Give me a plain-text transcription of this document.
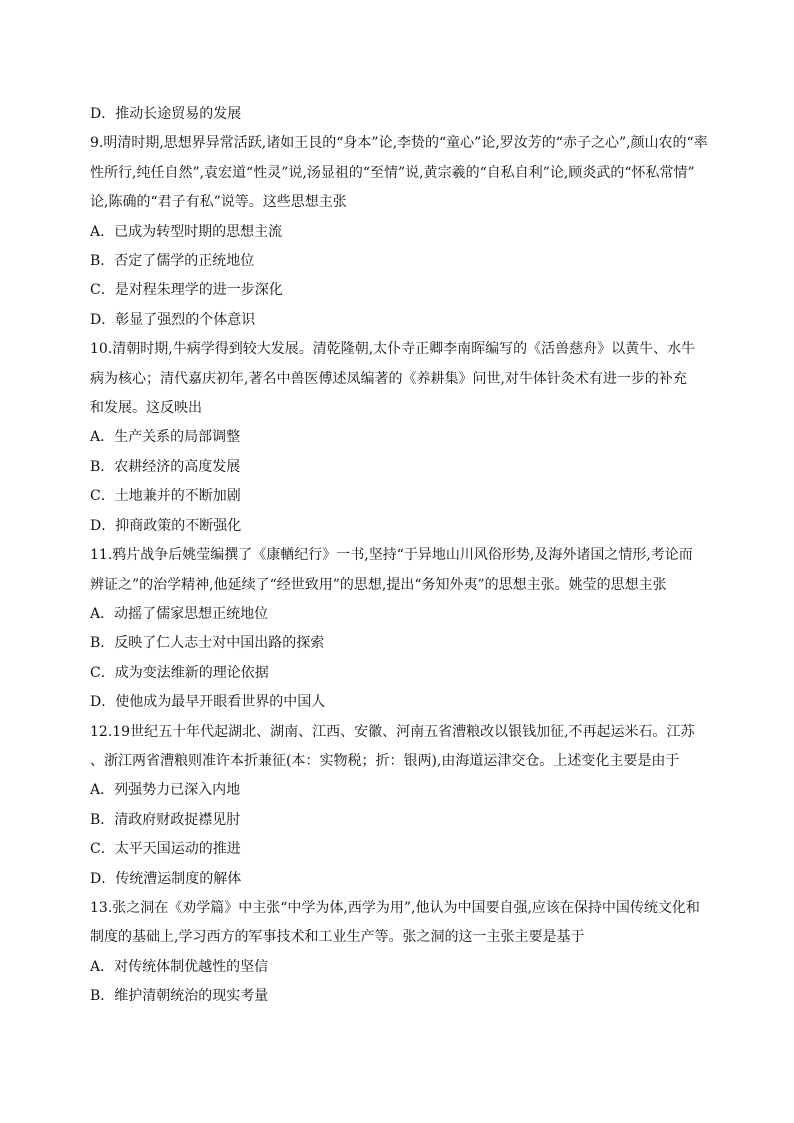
D．推动长途贸易的发展
9.明清时期,思想界异常活跃,诸如王艮的“身本”论,李贽的“童心”论,罗汝芳的“赤子之心”,颜山农的“率
性所行,纯任自然”,袁宏道“性灵”说,汤显祖的“至情”说,黄宗羲的“自私自利”论,顾炎武的“怀私常情”
论,陈确的“君子有私”说等。这些思想主张
A．已成为转型时期的思想主流
B．否定了儒学的正统地位
C．是对程朱理学的进一步深化
D．彰显了强烈的个体意识
10.清朝时期,牛病学得到较大发展。清乾隆朝,太仆寺正卿李南晖编写的《活兽慈舟》以黄牛、水牛
病为核心；清代嘉庆初年,著名中兽医傅述凤编著的《养耕集》问世,对牛体针灸术有进一步的补充
和发展。这反映出
A．生产关系的局部调整
B．农耕经济的高度发展
C．土地兼并的不断加剧
D．抑商政策的不断强化
11.鸦片战争后姚莹编撰了《康輶纪行》一书,坚持“于异地山川风俗形势,及海外诸国之情形,考论而
辨证之”的治学精神,他延续了“经世致用”的思想,提出“务知外夷”的思想主张。姚莹的思想主张
A．动摇了儒家思想正统地位
B．反映了仁人志士对中国出路的探索
C．成为变法维新的理论依据
D．使他成为最早开眼看世界的中国人
12.19世纪五十年代起湖北、湖南、江西、安徽、河南五省漕粮改以银钱加征,不再起运米石。江苏
、浙江两省漕粮则准许本折兼征(本：实物税；折：银两),由海道运津交仓。上述变化主要是由于
A．列强势力已深入内地
B．清政府财政捉襟见肘
C．太平天国运动的推进
D．传统漕运制度的解体
13.张之洞在《劝学篇》中主张“中学为体,西学为用”,他认为中国要自强,应该在保持中国传统文化和
制度的基础上,学习西方的军事技术和工业生产等。张之洞的这一主张主要是基于
A．对传统体制优越性的坚信
B．维护清朝统治的现实考量
